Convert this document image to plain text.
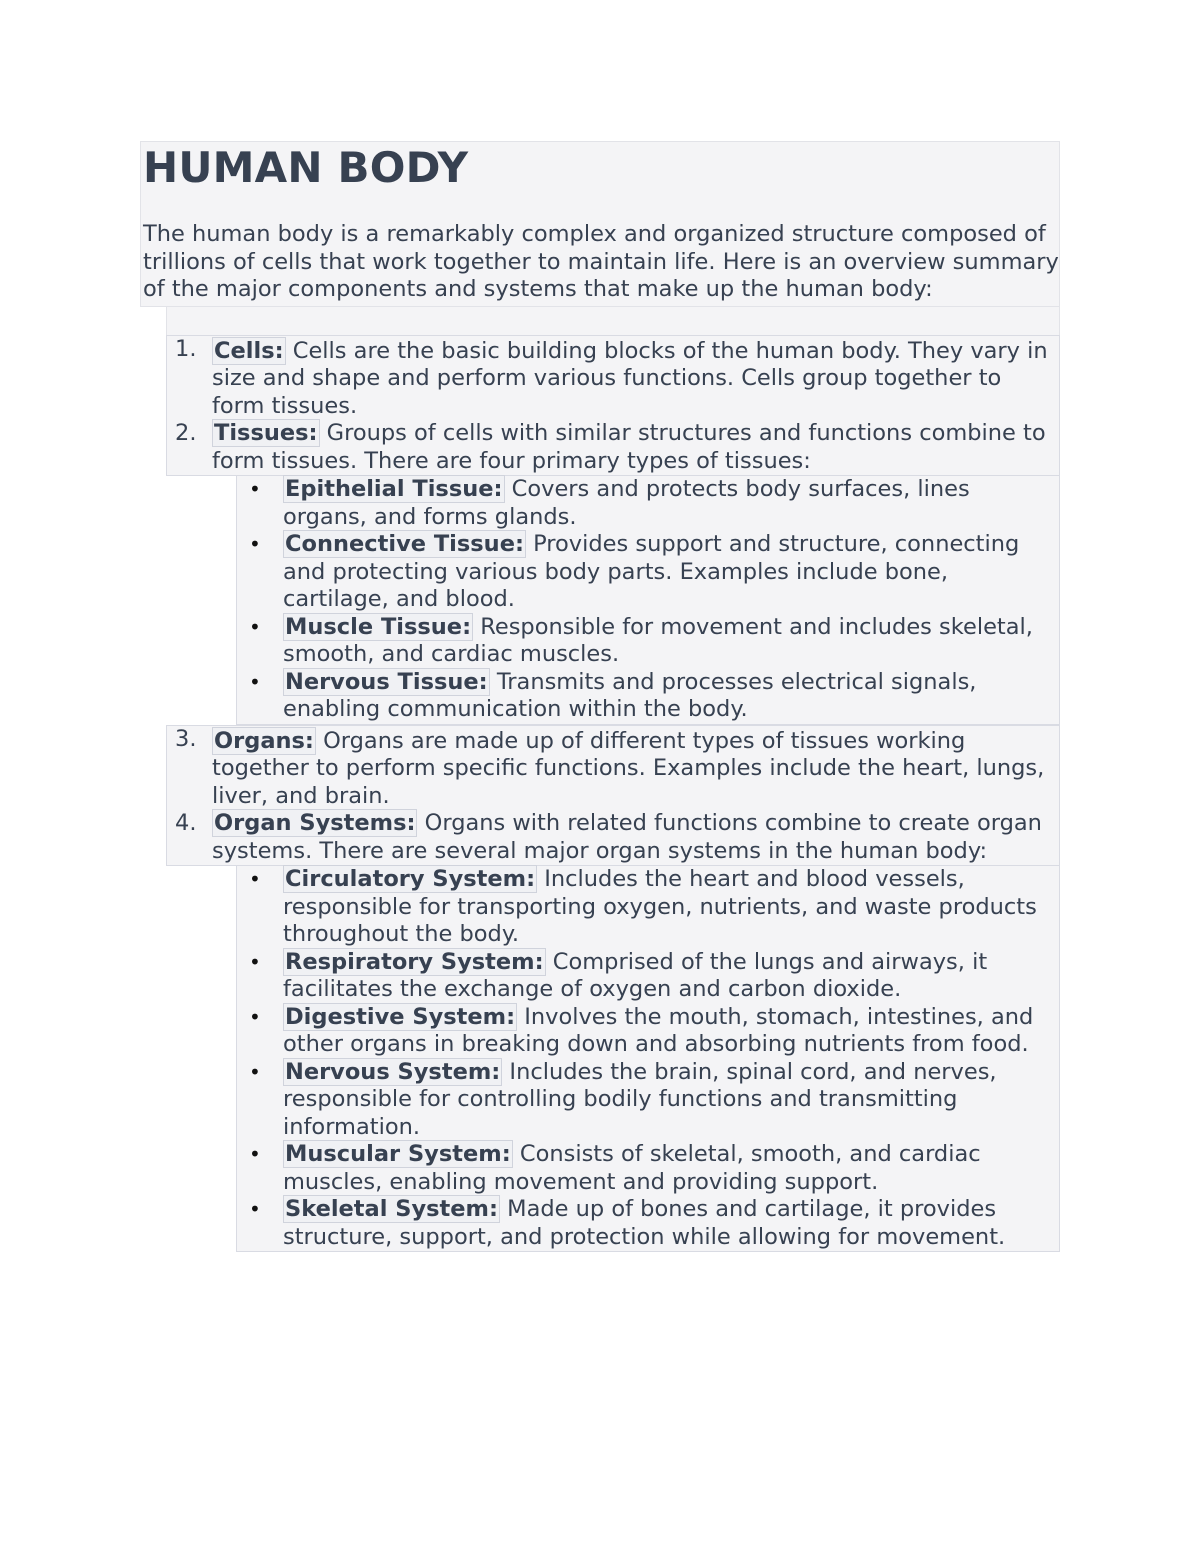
HUMAN BODY

The human body is a remarkably complex and organized structure composed of trillions of cells that work together to maintain life. Here is an overview summary of the major components and systems that make up the human body:

1. Cells: Cells are the basic building blocks of the human body. They vary in size and shape and perform various functions. Cells group together to form tissues.
2. Tissues: Groups of cells with similar structures and functions combine to form tissues. There are four primary types of tissues:
• Epithelial Tissue: Covers and protects body surfaces, lines organs, and forms glands.
• Connective Tissue: Provides support and structure, connecting and protecting various body parts. Examples include bone, cartilage, and blood.
• Muscle Tissue: Responsible for movement and includes skeletal, smooth, and cardiac muscles.
• Nervous Tissue: Transmits and processes electrical signals, enabling communication within the body.
3. Organs: Organs are made up of different types of tissues working together to perform specific functions. Examples include the heart, lungs, liver, and brain.
4. Organ Systems: Organs with related functions combine to create organ systems. There are several major organ systems in the human body:
• Circulatory System: Includes the heart and blood vessels, responsible for transporting oxygen, nutrients, and waste products throughout the body.
• Respiratory System: Comprised of the lungs and airways, it facilitates the exchange of oxygen and carbon dioxide.
• Digestive System: Involves the mouth, stomach, intestines, and other organs in breaking down and absorbing nutrients from food.
• Nervous System: Includes the brain, spinal cord, and nerves, responsible for controlling bodily functions and transmitting information.
• Muscular System: Consists of skeletal, smooth, and cardiac muscles, enabling movement and providing support.
• Skeletal System: Made up of bones and cartilage, it provides structure, support, and protection while allowing for movement.
